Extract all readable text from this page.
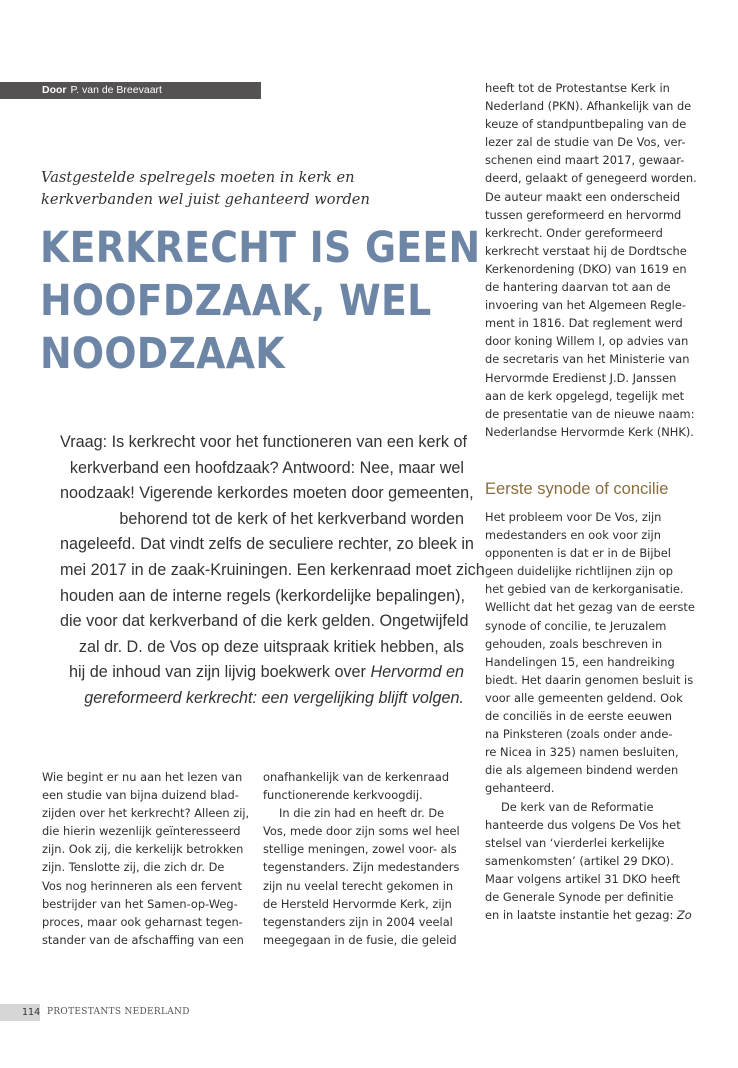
Door P. van de Breevaart
Vastgestelde spelregels moeten in kerk en
kerkverbanden wel juist gehanteerd worden
KERKRECHT IS GEEN
HOOFDZAAK, WEL
NOODZAAK
Vraag: Is kerkrecht voor het functioneren van een kerk of
kerkverband een hoofdzaak? Antwoord: Nee, maar wel
noodzaak! Vigerende kerkordes moeten door gemeenten,
behorend tot de kerk of het kerkverband worden
nageleefd. Dat vindt zelfs de seculiere rechter, zo bleek in
mei 2017 in de zaak-Kruiningen. Een kerkenraad moet zich
houden aan de interne regels (kerkordelijke bepalingen),
die voor dat kerkverband of die kerk gelden. Ongetwijfeld
zal dr. D. de Vos op deze uitspraak kritiek hebben, als
hij de inhoud van zijn lijvig boekwerk over Hervormd en
gereformeerd kerkrecht: een vergelijking blijft volgen.
Wie begint er nu aan het lezen van
een studie van bijna duizend blad-
zijden over het kerkrecht? Alleen zij,
die hierin wezenlijk geïnteresseerd
zijn. Ook zij, die kerkelijk betrokken
zijn. Tenslotte zij, die zich dr. De
Vos nog herinneren als een fervent
bestrijder van het Samen-op-Weg-
proces, maar ook geharnast tegen-
stander van de afschaffing van een
onafhankelijk van de kerkenraad
functionerende kerkvoogdij.
In die zin had en heeft dr. De
Vos, mede door zijn soms wel heel
stellige meningen, zowel voor- als
tegenstanders. Zijn medestanders
zijn nu veelal terecht gekomen in
de Hersteld Hervormde Kerk, zijn
tegenstanders zijn in 2004 veelal
meegegaan in de fusie, die geleid
heeft tot de Protestantse Kerk in
Nederland (PKN). Afhankelijk van de
keuze of standpuntbepaling van de
lezer zal de studie van De Vos, ver-
schenen eind maart 2017, gewaar-
deerd, gelaakt of genegeerd worden.
De auteur maakt een onderscheid
tussen gereformeerd en hervormd
kerkrecht. Onder gereformeerd
kerkrecht verstaat hij de Dordtsche
Kerkenordening (DKO) van 1619 en
de hantering daarvan tot aan de
invoering van het Algemeen Regle-
ment in 1816. Dat reglement werd
door koning Willem I, op advies van
de secretaris van het Ministerie van
Hervormde Eredienst J.D. Janssen
aan de kerk opgelegd, tegelijk met
de presentatie van de nieuwe naam:
Nederlandse Hervormde Kerk (NHK).
Eerste synode of concilie
Het probleem voor De Vos, zijn
medestanders en ook voor zijn
opponenten is dat er in de Bijbel
geen duidelijke richtlijnen zijn op
het gebied van de kerkorganisatie.
Wellicht dat het gezag van de eerste
synode of concilie, te Jeruzalem
gehouden, zoals beschreven in
Handelingen 15, een handreiking
biedt. Het daarin genomen besluit is
voor alle gemeenten geldend. Ook
de conciliës in de eerste eeuwen
na Pinksteren (zoals onder ande-
re Nicea in 325) namen besluiten,
die als algemeen bindend werden
gehanteerd.
De kerk van de Reformatie
hanteerde dus volgens De Vos het
stelsel van ‘vierderlei kerkelijke
samenkomsten’ (artikel 29 DKO).
Maar volgens artikel 31 DKO heeft
de Generale Synode per definitie
en in laatste instantie het gezag: Zo
114 PROTESTANTS NEDERLAND
